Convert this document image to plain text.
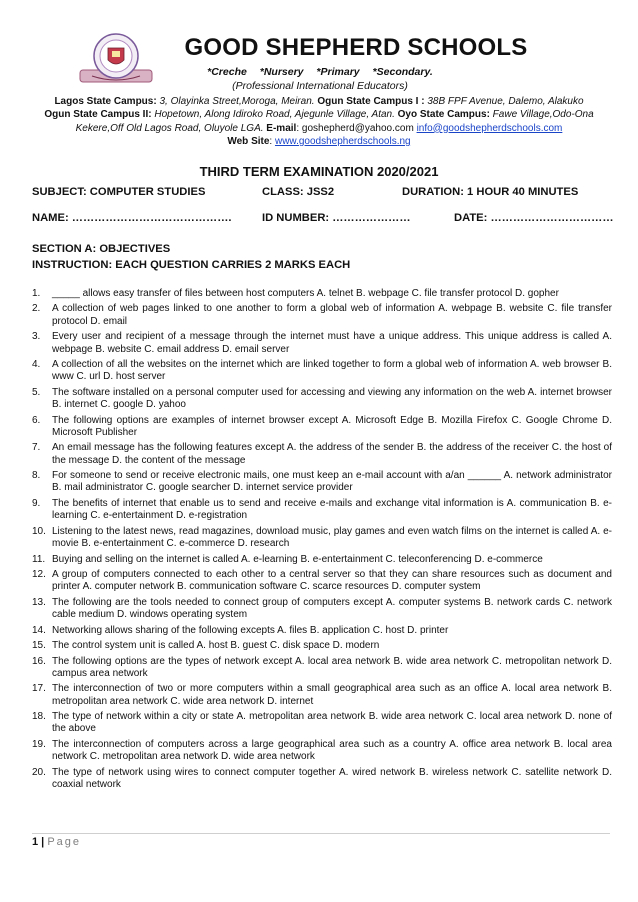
GOOD SHEPHERD SCHOOLS
*Creche *Nursery *Primary *Secondary.
(Professional International Educators)
Lagos State Campus: 3, Olayinka Street,Moroga, Meiran. Ogun State Campus I : 38B FPF Avenue, Dalemo, Alakuko
Ogun State Campus II: Hopetown, Along Idiroko Road, Ajegunle Village, Atan. Oyo State Campus: Fawe Village,Odo-Ona Kekere,Off Old Lagos Road, Oluyole LGA. E-mail: goshepherd@yahoo.com info@goodshepherdschools.com
Web Site: www.goodshepherdschools.ng
THIRD TERM EXAMINATION 2020/2021
SUBJECT: COMPUTER STUDIES	CLASS: JSS2	DURATION: 1 HOUR 40 MINUTES
NAME: …………………………………….	ID NUMBER: …………………	DATE: ……………………………
SECTION A: OBJECTIVES
INSTRUCTION: EACH QUESTION CARRIES 2 MARKS EACH
1. _____ allows easy transfer of files between host computers A. telnet B. webpage C. file transfer protocol D. gopher
2. A collection of web pages linked to one another to form a global web of information A. webpage B. website C. file transfer protocol D. email
3. Every user and recipient of a message through the internet must have a unique address. This unique address is called A. webpage B. website C. email address D. email server
4. A collection of all the websites on the internet which are linked together to form a global web of information A. web browser B. www C. url D. host server
5. The software installed on a personal computer used for accessing and viewing any information on the web A. internet browser B. internet C. google D. yahoo
6. The following options are examples of internet browser except A. Microsoft Edge B. Mozilla Firefox C. Google Chrome D. Microsoft Publisher
7. An email message has the following features except A. the address of the sender B. the address of the receiver C. the host of the message D. the content of the message
8. For someone to send or receive electronic mails, one must keep an e-mail account with a/an ______ A. network administrator B. mail administrator C. google searcher D. internet service provider
9. The benefits of internet that enable us to send and receive e-mails and exchange vital information is A. communication B. e-learning C. e-entertainment D. e-registration
10. Listening to the latest news, read magazines, download music, play games and even watch films on the internet is called A. e-movie B. e-entertainment C. e-commerce D. research
11. Buying and selling on the internet is called A. e-learning B. e-entertainment C. teleconferencing D. e-commerce
12. A group of computers connected to each other to a central server so that they can share resources such as document and printer A. computer network B. communication software C. scarce resources D. computer system
13. The following are the tools needed to connect group of computers except A. computer systems B. network cards C. network cable medium D. windows operating system
14. Networking allows sharing of the following excepts A. files B. application C. host D. printer
15. The control system unit is called A. host B. guest C. disk space D. modern
16. The following options are the types of network except A. local area network B. wide area network C. metropolitan network D. campus area network
17. The interconnection of two or more computers within a small geographical area such as an office A. local area network B. metropolitan area network C. wide area network D. internet
18. The type of network within a city or state A. metropolitan area network B. wide area network C. local area network D. none of the above
19. The interconnection of computers across a large geographical area such as a country A. office area network B. local area network C. metropolitan area network D. wide area network
20. The type of network using wires to connect computer together A. wired network B. wireless network C. satellite network D. coaxial network
1 | Page
